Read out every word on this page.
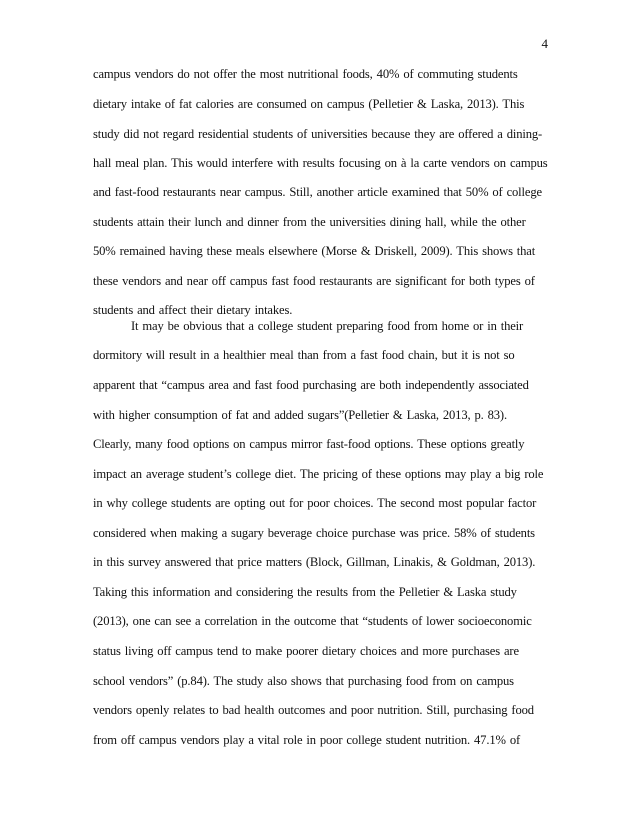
4
campus vendors do not offer the most nutritional foods, 40% of commuting students
dietary intake of fat calories are consumed on campus (Pelletier & Laska, 2013). This
study did not regard residential students of universities because they are offered a dining-
hall meal plan. This would interfere with results focusing on à la carte vendors on campus
and fast-food restaurants near campus. Still, another article examined that 50% of college
students attain their lunch and dinner from the universities dining hall, while the other
50% remained having these meals elsewhere (Morse & Driskell, 2009). This shows that
these vendors and near off campus fast food restaurants are significant for both types of
students and affect their dietary intakes.
It may be obvious that a college student preparing food from home or in their
dormitory will result in a healthier meal than from a fast food chain, but it is not so
apparent that “campus area and fast food purchasing are both independently associated
with higher consumption of fat and added sugars”(Pelletier & Laska, 2013, p. 83).
Clearly, many food options on campus mirror fast-food options. These options greatly
impact an average student’s college diet. The pricing of these options may play a big role
in why college students are opting out for poor choices. The second most popular factor
considered when making a sugary beverage choice purchase was price. 58% of students
in this survey answered that price matters (Block, Gillman, Linakis, & Goldman, 2013).
Taking this information and considering the results from the Pelletier & Laska study
(2013), one can see a correlation in the outcome that “students of lower socioeconomic
status living off campus tend to make poorer dietary choices and more purchases are
school vendors” (p.84). The study also shows that purchasing food from on campus
vendors openly relates to bad health outcomes and poor nutrition. Still, purchasing food
from off campus vendors play a vital role in poor college student nutrition. 47.1% of
